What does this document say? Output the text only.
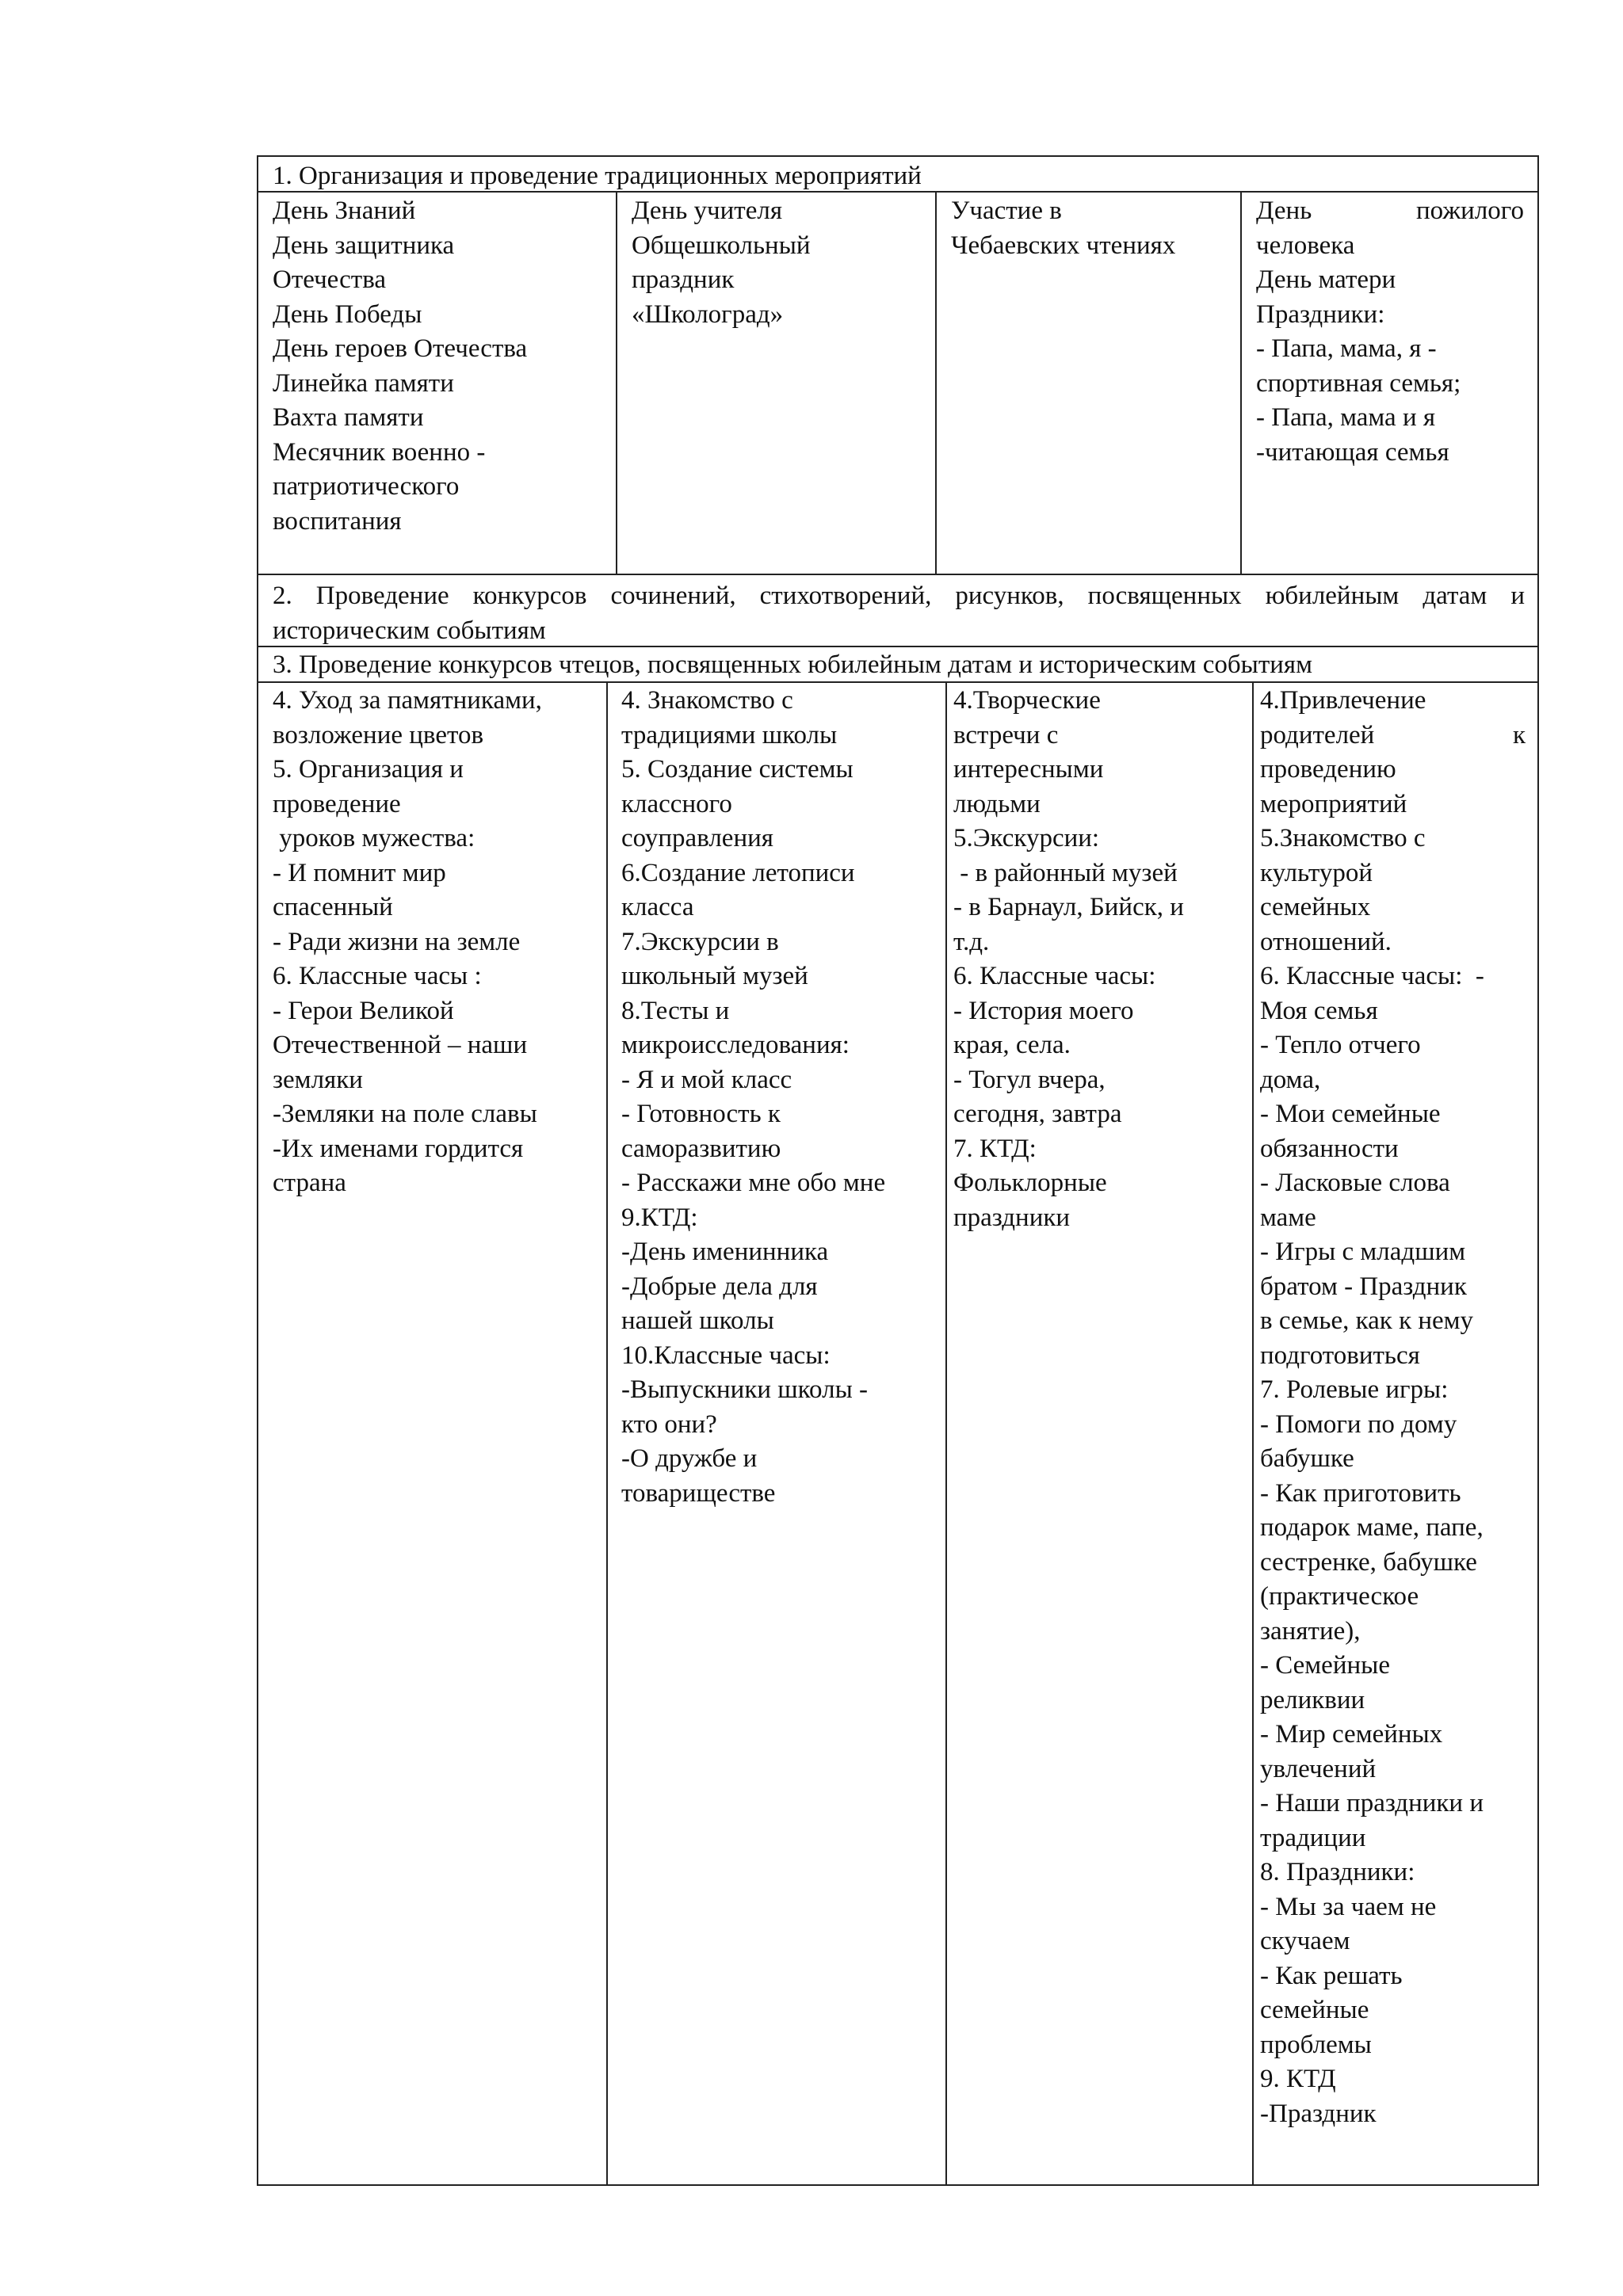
1. Организация и проведение традиционных мероприятий
День Знаний
День защитника
Отечества
День Победы
День героев Отечества
Линейка памяти
Вахта памяти
Месячник военно -
патриотического
воспитания
День учителя
Общешкольный
праздник
«Школоград»
Участие в
Чебаевских чтениях
День	пожилого
человека
День матери
Праздники:
- Папа, мама, я -
спортивная семья;
- Папа, мама и я
-читающая семья
2. Проведение конкурсов сочинений, стихотворений, рисунков, посвященных юбилейным датам и историческим событиям
3. Проведение конкурсов чтецов, посвященных юбилейным датам и историческим событиям
4. Уход за памятниками,
возложение цветов
5. Организация и
проведение
уроков мужества:
- И помнит мир
спасенный
- Ради жизни на земле
6. Классные часы :
- Герои Великой
Отечественной – наши
земляки
-Земляки на поле славы
-Их именами гордится
страна
4. Знакомство с
традициями школы
5. Создание системы
классного
соуправления
6.Создание летописи
класса
7.Экскурсии в
школьный музей
8.Тесты и
микроисследования:
- Я и мой класс
- Готовность к
саморазвитию
- Расскажи мне обо мне
9.КТД:
-День именинника
-Добрые дела для
нашей школы
10.Классные часы:
-Выпускники школы -
кто они?
-О дружбе и
товариществе
4.Творческие
встречи с
интересными
людьми
5.Экскурсии:
- в районный музей
- в Барнаул, Бийск, и
т.д.
6. Классные часы:
- История моего
края, села.
- Тогул вчера,
сегодня, завтра
7. КТД:
Фольклорные
праздники
4.Привлечение
родителей	к
проведению
мероприятий
5.Знакомство с
культурой
семейных
отношений.
6. Классные часы:  -
Моя семья
- Тепло отчего
дома,
- Мои семейные
обязанности
- Ласковые слова
маме
- Игры с младшим
братом - Праздник
в семье, как к нему
подготовиться
7. Ролевые игры:
- Помоги по дому
бабушке
- Как приготовить
подарок маме, папе,
сестренке, бабушке
(практическое
занятие),
- Семейные
реликвии
- Мир семейных
увлечений
- Наши праздники и
традиции
8. Праздники:
- Мы за чаем не
скучаем
- Как решать
семейные
проблемы
9. КТД
-Праздник
